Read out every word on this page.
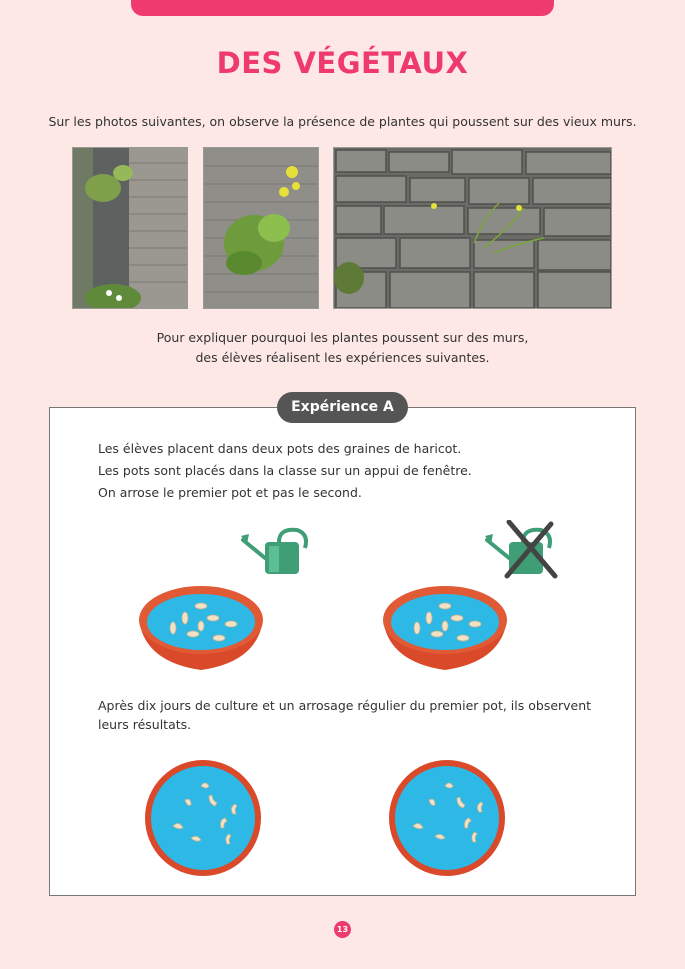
DES VÉGÉTAUX
Sur les photos suivantes, on observe la présence de plantes qui poussent sur des vieux murs.
Pour expliquer pourquoi les plantes poussent sur des murs,
des élèves réalisent les expériences suivantes.
Expérience A
Les élèves placent dans deux pots des graines de haricot.
Les pots sont placés dans la classe sur un appui de fenêtre.
On arrose le premier pot et pas le second.
Après dix jours de culture et un arrosage régulier du premier pot, ils observent leurs résultats.
13
